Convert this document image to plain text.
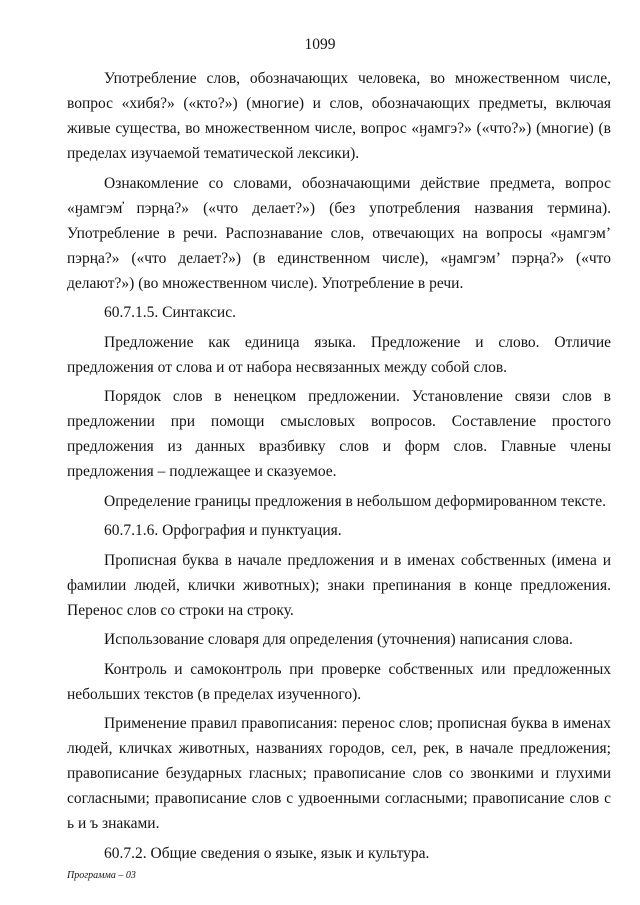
1099

Употребление слов, обозначающих человека, во множественном числе, вопрос «хибя?» («кто?») (многие) и слов, обозначающих предметы, включая живые существа, во множественном числе, вопрос «ӈамгэ?» («что?») (многие) (в пределах изучаемой тематической лексики).

Ознакомление со словами, обозначающими действие предмета, вопрос «ӈамгэм̕ пэрңа?» («что делает?») (без употребления названия термина). Употребление в речи. Распознавание слов, отвечающих на вопросы «ӈамгэм’ пэрңа?» («что делает?») (в единственном числе), «ӈамгэм’ пэрңа?» («что делают?») (во множественном числе). Употребление в речи.

60.7.1.5. Синтаксис.

Предложение как единица языка. Предложение и слово. Отличие предложения от слова и от набора несвязанных между собой слов.

Порядок слов в ненецком предложении. Установление связи слов в предложении при помощи смысловых вопросов. Составление простого предложения из данных вразбивку слов и форм слов. Главные члены предложения – подлежащее и сказуемое.

Определение границы предложения в небольшом деформированном тексте.

60.7.1.6. Орфография и пунктуация.

Прописная буква в начале предложения и в именах собственных (имена и фамилии людей, клички животных); знаки препинания в конце предложения. Перенос слов со строки на строку.

Использование словаря для определения (уточнения) написания слова.

Контроль и самоконтроль при проверке собственных или предложенных небольших текстов (в пределах изученного).

Применение правил правописания: перенос слов; прописная буква в именах людей, кличках животных, названиях городов, сел, рек, в начале предложения; правописание безударных гласных; правописание слов со звонкими и глухими согласными; правописание слов с удвоенными согласными; правописание слов с ь и ъ знаками.

60.7.2. Общие сведения о языке, язык и культура.

Программа – 03
